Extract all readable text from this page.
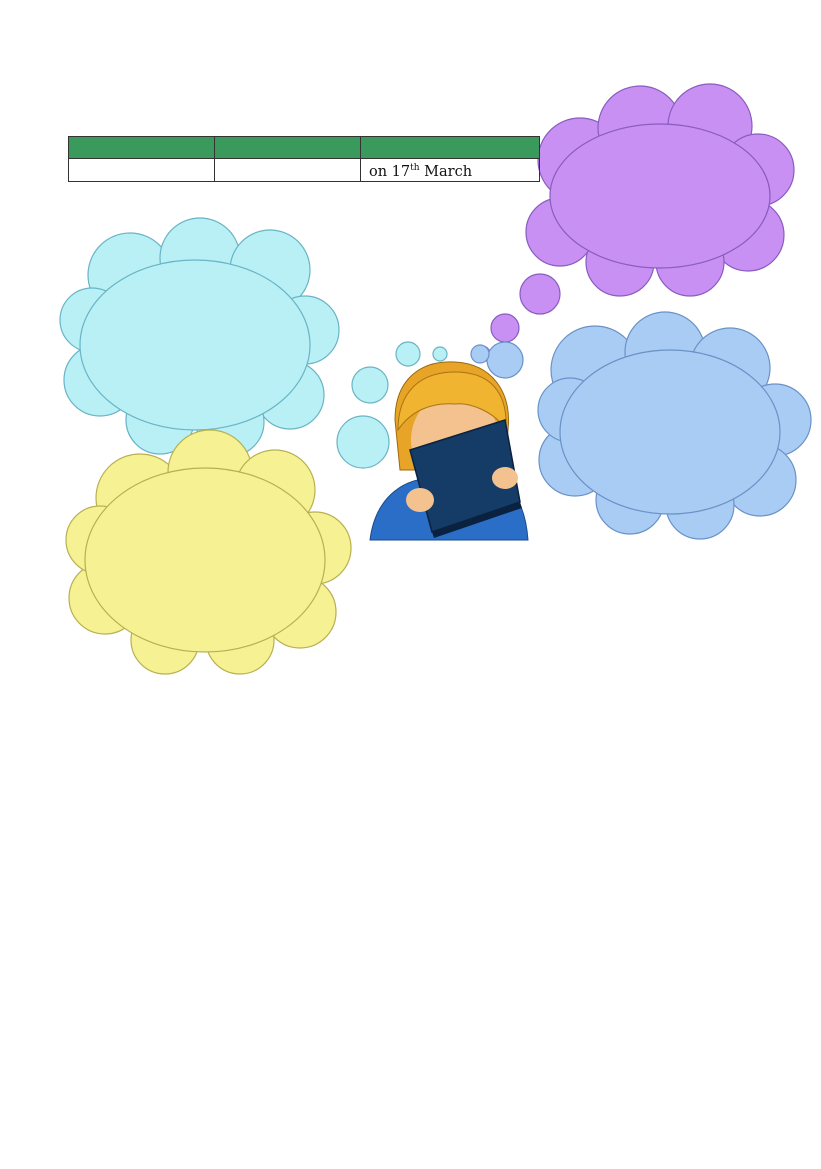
		on 17th March
